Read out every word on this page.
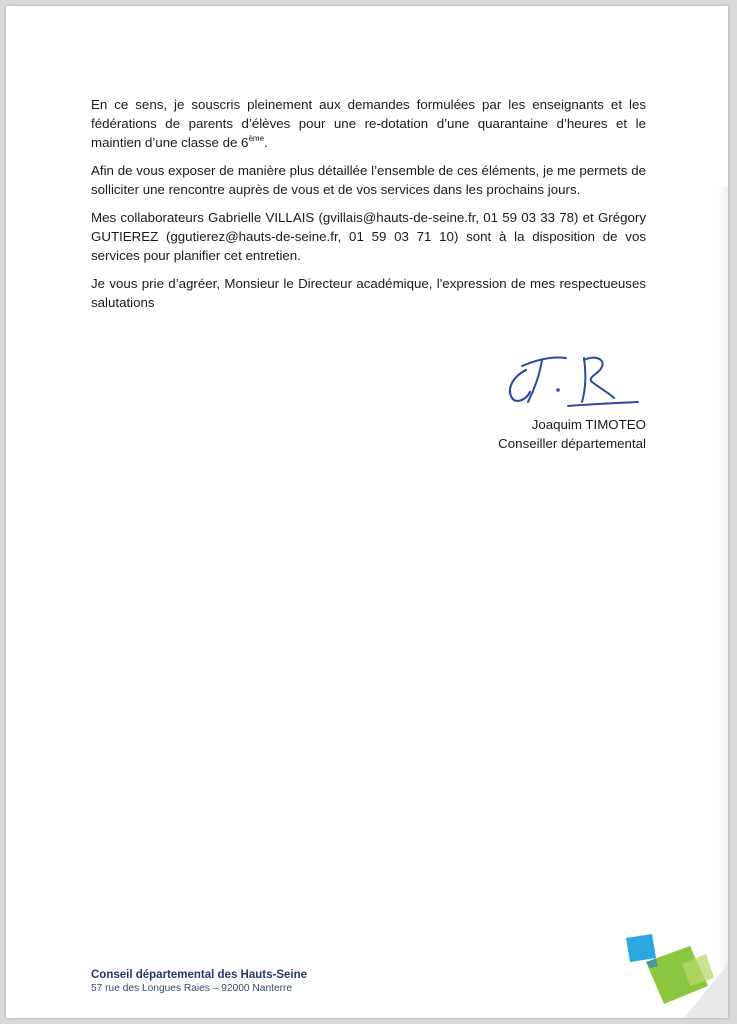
En ce sens, je souscris pleinement aux demandes formulées par les enseignants et les fédérations de parents d’élèves pour une re-dotation d’une quarantaine d’heures et le maintien d’une classe de 6ème.

Afin de vous exposer de manière plus détaillée l’ensemble de ces éléments, je me permets de solliciter une rencontre auprès de vous et de vos services dans les prochains jours.

Mes collaborateurs Gabrielle VILLAIS (gvillais@hauts-de-seine.fr, 01 59 03 33 78) et Grégory GUTIEREZ (ggutierez@hauts-de-seine.fr, 01 59 03 71 10) sont à la disposition de vos services pour planifier cet entretien.

Je vous prie d’agréer, Monsieur le Directeur académique, l'expression de mes respectueuses salutations

Joaquim TIMOTEO
Conseiller départemental
Conseil départemental des Hauts-Seine
57 rue des Longues Raies – 92000 Nanterre
